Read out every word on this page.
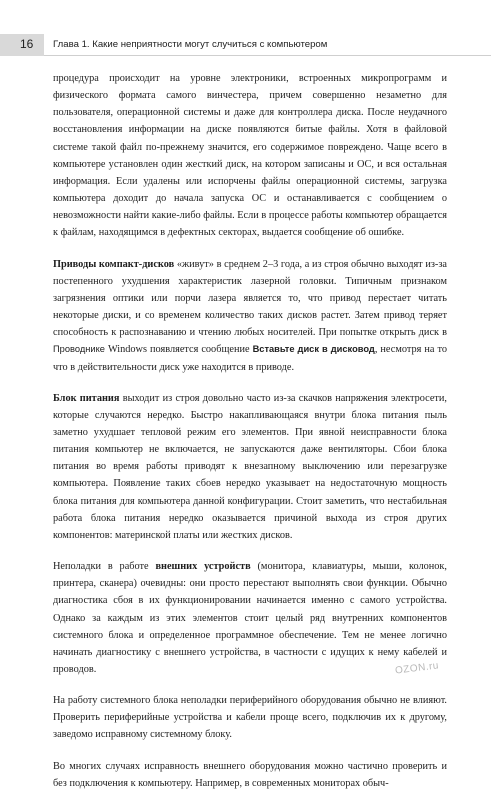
16 Глава 1. Какие неприятности могут случиться с компьютером

процедура происходит на уровне электроники, встроенных микропрограмм и физического формата самого винчестера, причем совершенно незаметно для пользователя, операционной системы и даже для контроллера диска. После неудачного восстановления информации на диске появляются битые файлы. Хотя в файловой системе такой файл по-прежнему значится, его содержимое повреждено. Чаще всего в компьютере установлен один жесткий диск, на котором записаны и ОС, и вся остальная информация. Если удалены или испорчены файлы операционной системы, загрузка компьютера доходит до начала запуска ОС и останавливается с сообщением о невозможности найти какие-либо файлы. Если в процессе работы компьютер обращается к файлам, находящимся в дефектных секторах, выдается сообщение об ошибке.

Приводы компакт-дисков «живут» в среднем 2–3 года, а из строя обычно выходят из-за постепенного ухудшения характеристик лазерной головки. Типичным признаком загрязнения оптики или порчи лазера является то, что привод перестает читать некоторые диски, и со временем количество таких дисков растет. Затем привод теряет способность к распознаванию и чтению любых носителей. При попытке открыть диск в Проводнике Windows появляется сообщение Вставьте диск в дисковод, несмотря на то что в действительности диск уже находится в приводе.

Блок питания выходит из строя довольно часто из-за скачков напряжения электросети, которые случаются нередко. Быстро накапливающаяся внутри блока питания пыль заметно ухудшает тепловой режим его элементов. При явной неисправности блока питания компьютер не включается, не запускаются даже вентиляторы. Сбои блока питания во время работы приводят к внезапному выключению или перезагрузке компьютера. Появление таких сбоев нередко указывает на недостаточную мощность блока питания для компьютера данной конфигурации. Стоит заметить, что нестабильная работа блока питания нередко оказывается причиной выхода из строя других компонентов: материнской платы или жестких дисков.

Неполадки в работе внешних устройств (монитора, клавиатуры, мыши, колонок, принтера, сканера) очевидны: они просто перестают выполнять свои функции. Обычно диагностика сбоя в их функционировании начинается именно с самого устройства. Однако за каждым из этих элементов стоит целый ряд внутренних компонентов системного блока и определенное программное обеспечение. Тем не менее логично начинать диагностику с внешнего устройства, в частности с идущих к нему кабелей и проводов.

На работу системного блока неполадки периферийного оборудования обычно не влияют. Проверить периферийные устройства и кабели проще всего, подключив их к другому, заведомо исправному системному блоку.

Во многих случаях исправность внешнего оборудования можно частично проверить и без подключения к компьютеру. Например, в современных мониторах обыч-

OZON.ru
